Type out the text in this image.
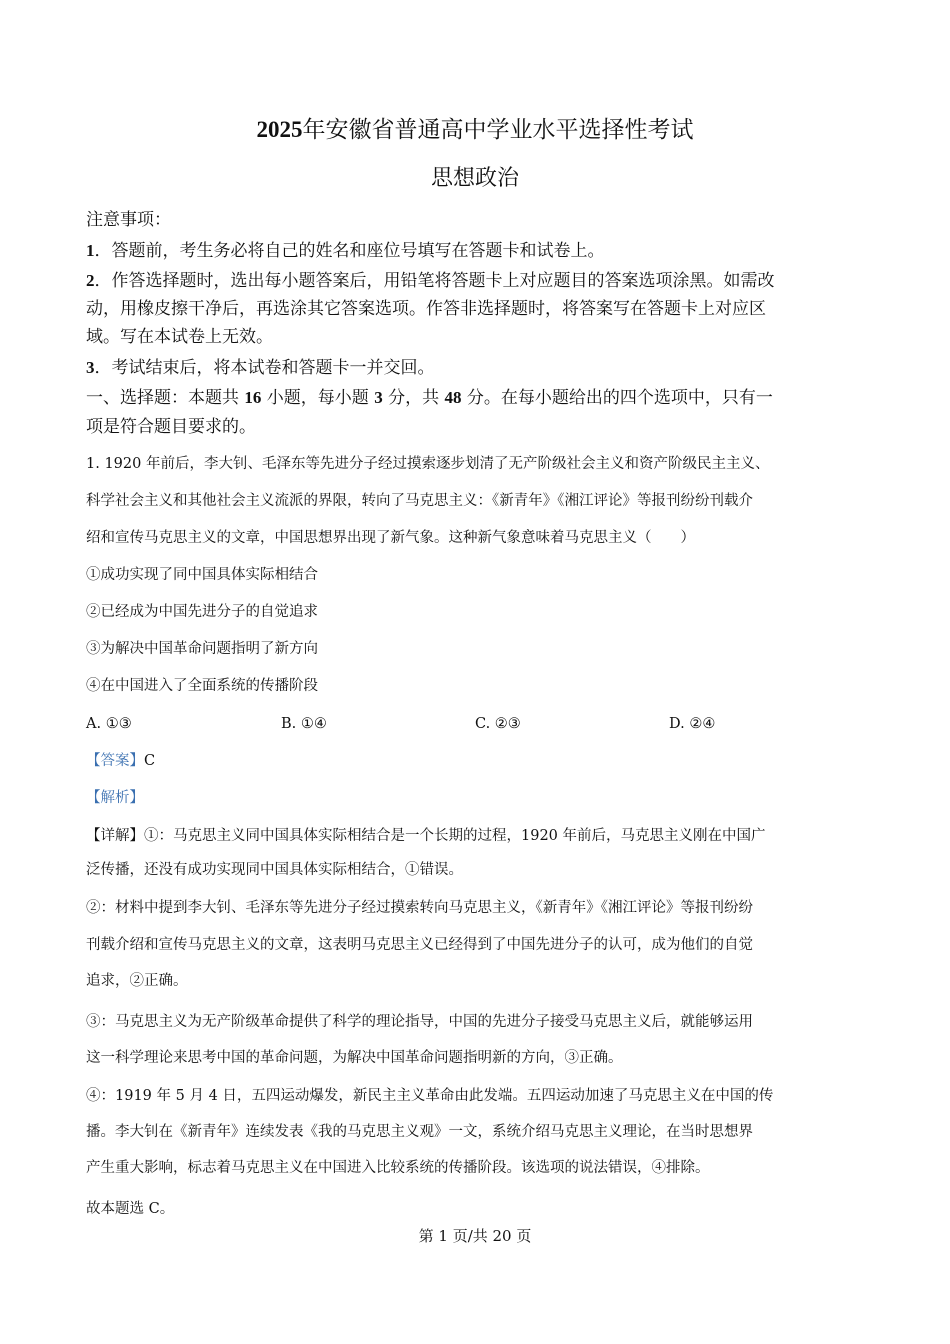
2025年安徽省普通高中学业水平选择性考试
思想政治
注意事项：
1．答题前，考生务必将自己的姓名和座位号填写在答题卡和试卷上。
2．作答选择题时，选出每小题答案后，用铅笔将答题卡上对应题目的答案选项涂黑。如需改
动，用橡皮擦干净后，再选涂其它答案选项。作答非选择题时，将答案写在答题卡上对应区
域。写在本试卷上无效。
3．考试结束后，将本试卷和答题卡一并交回。
一、选择题：本题共 16 小题，每小题 3 分，共 48 分。在每小题给出的四个选项中，只有一
项是符合题目要求的。
1. 1920 年前后，李大钊、毛泽东等先进分子经过摸索逐步划清了无产阶级社会主义和资产阶级民主主义、
科学社会主义和其他社会主义流派的界限，转向了马克思主义：《新青年》《湘江评论》等报刊纷纷刊载介
绍和宣传马克思主义的文章，中国思想界出现了新气象。这种新气象意味着马克思主义（　　）
①成功实现了同中国具体实际相结合
②已经成为中国先进分子的自觉追求
③为解决中国革命问题指明了新方向
④在中国进入了全面系统的传播阶段
A. ①③	B. ①④	C. ②③	D. ②④
【答案】C
【解析】
【详解】①：马克思主义同中国具体实际相结合是一个长期的过程，1920 年前后，马克思主义刚在中国广
泛传播，还没有成功实现同中国具体实际相结合，①错误。
②：材料中提到李大钊、毛泽东等先进分子经过摸索转向马克思主义，《新青年》《湘江评论》等报刊纷纷
刊载介绍和宣传马克思主义的文章，这表明马克思主义已经得到了中国先进分子的认可，成为他们的自觉
追求，②正确。
③：马克思主义为无产阶级革命提供了科学的理论指导，中国的先进分子接受马克思主义后，就能够运用
这一科学理论来思考中国的革命问题，为解决中国革命问题指明新的方向，③正确。
④：1919 年 5 月 4 日，五四运动爆发，新民主主义革命由此发端。五四运动加速了马克思主义在中国的传
播。李大钊在《新青年》连续发表《我的马克思主义观》一文，系统介绍马克思主义理论，在当时思想界
产生重大影响，标志着马克思主义在中国进入比较系统的传播阶段。该选项的说法错误，④排除。
故本题选 C。
第 1 页/共 20 页
